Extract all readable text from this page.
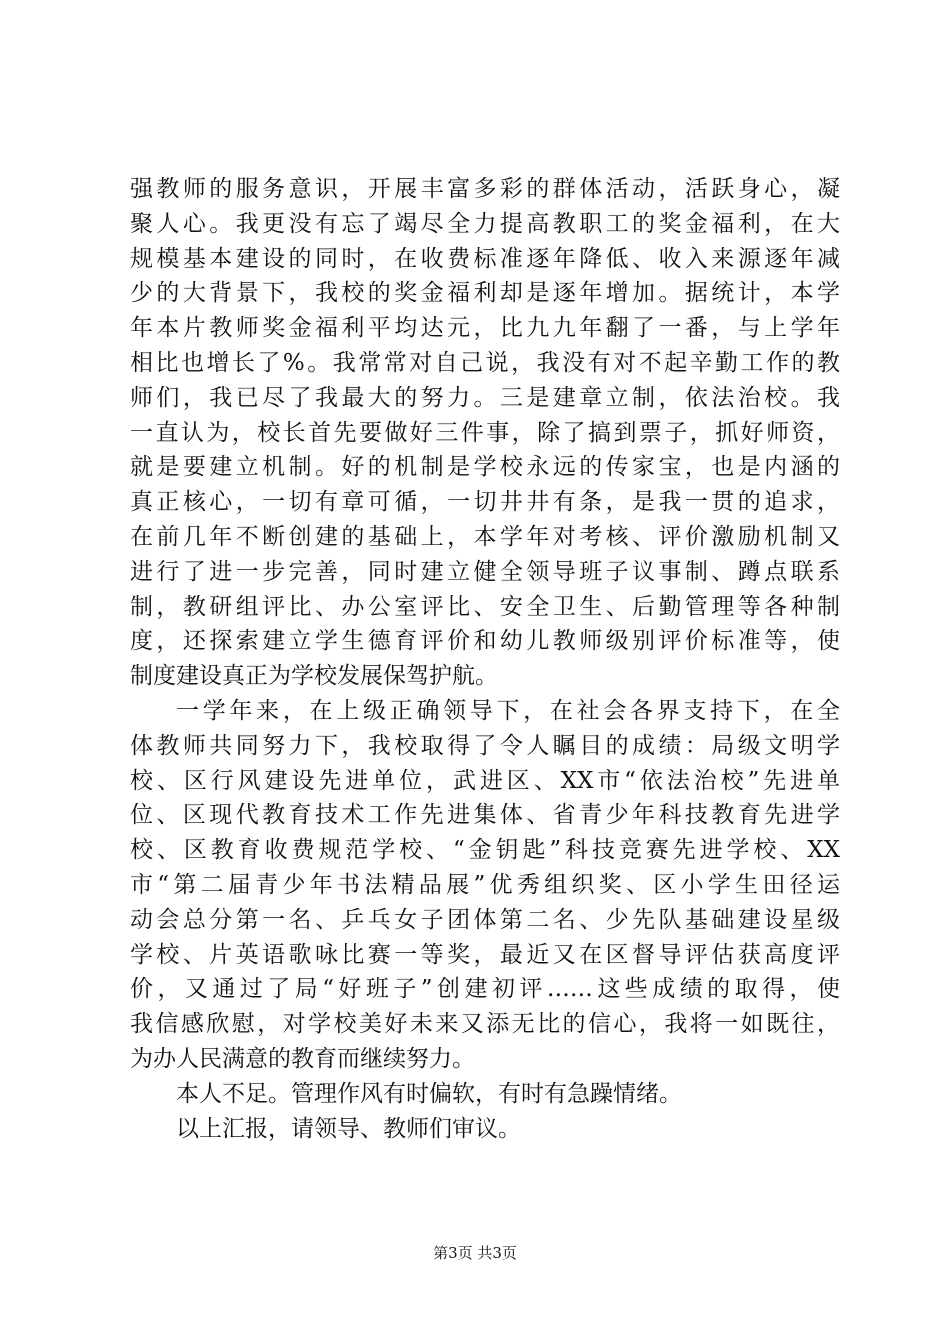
强教师的服务意识，开展丰富多彩的群体活动，活跃身心，凝
聚人心。我更没有忘了竭尽全力提高教职工的奖金福利，在大
规模基本建设的同时，在收费标准逐年降低、收入来源逐年减
少的大背景下，我校的奖金福利却是逐年增加。据统计，本学
年本片教师奖金福利平均达元，比九九年翻了一番，与上学年
相比也增长了%。我常常对自己说，我没有对不起辛勤工作的教
师们，我已尽了我最大的努力。三是建章立制，依法治校。我
一直认为，校长首先要做好三件事，除了搞到票子，抓好师资，
就是要建立机制。好的机制是学校永远的传家宝，也是内涵的
真正核心，一切有章可循，一切井井有条，是我一贯的追求，
在前几年不断创建的基础上，本学年对考核、评价激励机制又
进行了进一步完善，同时建立健全领导班子议事制、蹲点联系
制，教研组评比、办公室评比、安全卫生、后勤管理等各种制
度，还探索建立学生德育评价和幼儿教师级别评价标准等，使
制度建设真正为学校发展保驾护航。
一学年来，在上级正确领导下，在社会各界支持下，在全
体教师共同努力下，我校取得了令人瞩目的成绩：局级文明学
校、区行风建设先进单位，武进区、XX市“依法治校”先进单
位、区现代教育技术工作先进集体、省青少年科技教育先进学
校、区教育收费规范学校、“金钥匙”科技竞赛先进学校、XX
市“第二届青少年书法精品展”优秀组织奖、区小学生田径运
动会总分第一名、乒乓女子团体第二名、少先队基础建设星级
学校、片英语歌咏比赛一等奖，最近又在区督导评估获高度评
价，又通过了局“好班子”创建初评……这些成绩的取得，使
我信感欣慰，对学校美好未来又添无比的信心，我将一如既往，
为办人民满意的教育而继续努力。
本人不足。管理作风有时偏软，有时有急躁情绪。
以上汇报，请领导、教师们审议。
第3页 共3页
